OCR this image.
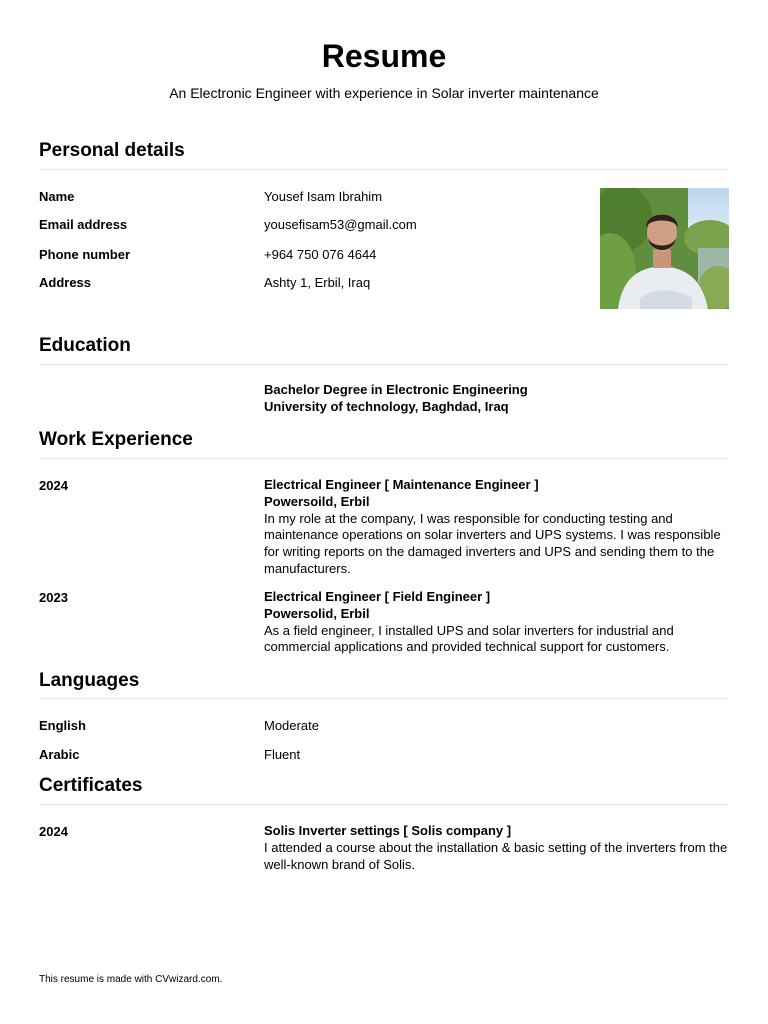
Resume
An Electronic Engineer with experience in Solar inverter maintenance
Personal details
Name	Yousef Isam Ibrahim
Email address	yousefisam53@gmail.com
Phone number	+964 750 076 4644
Address	Ashty 1, Erbil, Iraq
Education
Bachelor Degree in Electronic Engineering
University of technology, Baghdad, Iraq
Work Experience
2024	Electrical Engineer [ Maintenance Engineer ]
Powersoild, Erbil
In my role at the company, I was responsible for conducting testing and maintenance operations on solar inverters and UPS systems. I was responsible for writing reports on the damaged inverters and UPS and sending them to the manufacturers.
2023	Electrical Engineer [ Field Engineer ]
Powersolid, Erbil
As a field engineer, I installed UPS and solar inverters for industrial and commercial applications and provided technical support for customers.
Languages
English	Moderate
Arabic	Fluent
Certificates
2024	Solis Inverter settings [ Solis company ]
I attended a course about the installation & basic setting of the inverters from the well-known brand of Solis.
This resume is made with CVwizard.com.
